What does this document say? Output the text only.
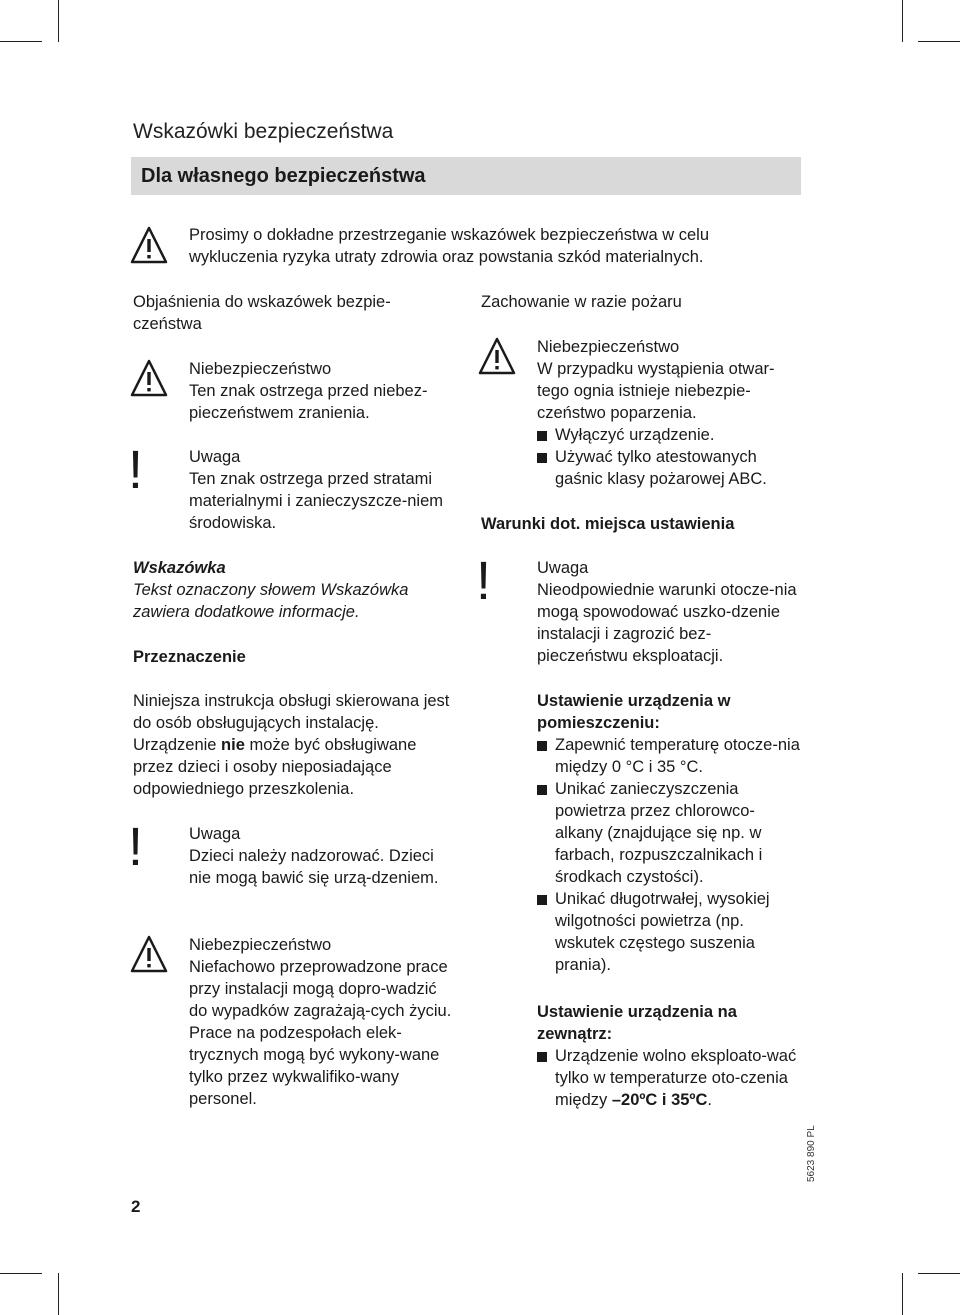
Wskazówki bezpieczeństwa
Dla własnego bezpieczeństwa
Prosimy o dokładne przestrzeganie wskazówek bezpieczeństwa w celu wykluczenia ryzyka utraty zdrowia oraz powstania szkód materialnych.
Objaśnienia do wskazówek bezpie-
czeństwa
Niebezpieczeństwo
Ten znak ostrzega przed niebez-pieczeństwem zranienia.
!	Uwaga
Ten znak ostrzega przed stratami materialnymi i zanieczyszcze-niem środowiska.
Wskazówka
Tekst oznaczony słowem Wskazówka zawiera dodatkowe informacje.
Przeznaczenie
Niniejsza instrukcja obsługi skierowana jest do osób obsługujących instalację.
Urządzenie nie może być obsługiwane przez dzieci i osoby nieposiadające odpowiedniego przeszkolenia.
!	Uwaga
Dzieci należy nadzorować. Dzieci nie mogą bawić się urzą-dzeniem.
Niebezpieczeństwo
Niefachowo przeprowadzone prace przy instalacji mogą dopro-wadzić do wypadków zagrażają-cych życiu.
Prace na podzespołach elek-trycznych mogą być wykony-wane tylko przez wykwalifiko-wany personel.
Zachowanie w razie pożaru
Niebezpieczeństwo
W przypadku wystąpienia otwar-tego ognia istnieje niebezpie-czeństwo poparzenia.
Wyłączyć urządzenie.
Używać tylko atestowanych gaśnic klasy pożarowej ABC.
Warunki dot. miejsca ustawienia
!	Uwaga
Nieodpowiednie warunki otocze-nia mogą spowodować uszko-dzenie instalacji i zagrozić bez-pieczeństwu eksploatacji.
Ustawienie urządzenia w pomieszczeniu:
Zapewnić temperaturę otocze-nia między 0 °C i 35 °C.
Unikać zanieczyszczenia powietrza przez chlorowco-alkany (znajdujące się np. w farbach, rozpuszczalnikach i środkach czystości).
Unikać długotrwałej, wysokiej wilgotności powietrza (np. wskutek częstego suszenia prania).
Ustawienie urządzenia na zewnątrz:
Urządzenie wolno eksploato-wać tylko w temperaturze oto-czenia między –20ºC i 35ºC.
2
5623 890 PL
